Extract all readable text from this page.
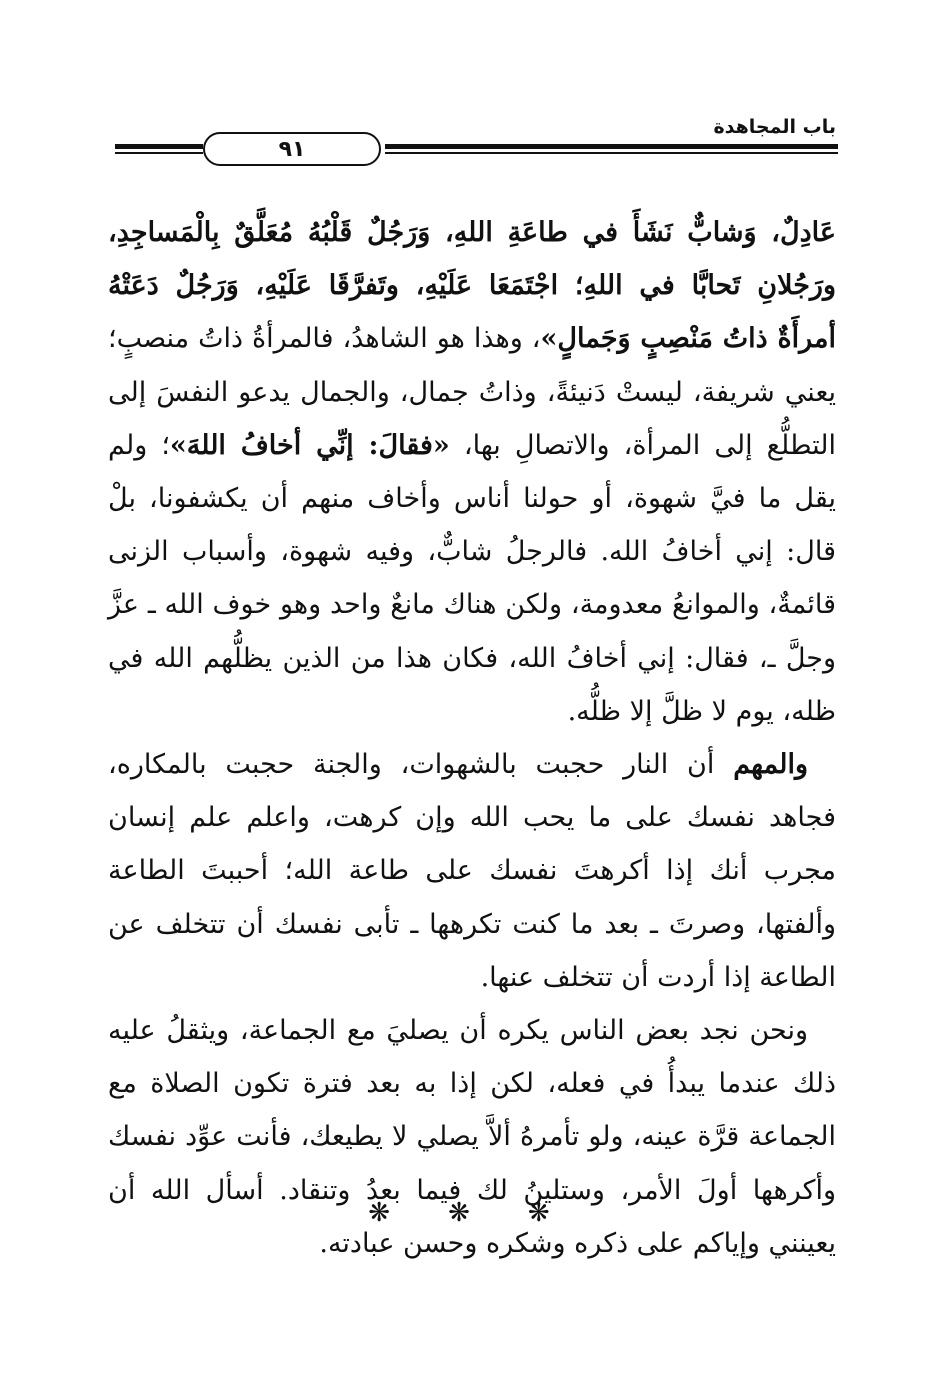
باب المجاهدة
٩١

عَادِلٌ، وَشابٌّ نَشَأَ في طاعَةِ اللهِ، وَرَجُلٌ قَلْبُهُ مُعَلَّقٌ بِالْمَساجِدِ، ورَجُلانِ تَحابَّا في اللهِ؛ اجْتَمَعَا عَلَيْهِ، وتَفرَّقَا عَلَيْهِ، وَرَجُلٌ دَعَتْهُ أمرأَةٌ ذاتُ مَنْصِبٍ وَجَمالٍ»، وهذا هو الشاهدُ، فالمرأةُ ذاتُ منصبٍ؛ يعني شريفة، ليستْ دَنيئةً، وذاتُ جمال، والجمال يدعو النفسَ إلى التطلُّع إلى المرأة، والاتصالِ بها، «فقالَ: إنِّي أخافُ اللهَ»؛ ولم يقل ما فيَّ شهوة، أو حولنا أناس وأخاف منهم أن يكشفونا، بلْ قال: إني أخافُ الله. فالرجلُ شابٌّ، وفيه شهوة، وأسباب الزنى قائمةٌ، والموانعُ معدومة، ولكن هناك مانعٌ واحد وهو خوف الله ـ عزَّ وجلَّ ـ، فقال: إني أخافُ الله، فكان هذا من الذين يظلُّهم الله في ظله، يوم لا ظلَّ إلا ظلُّه.

والمهم أن النار حجبت بالشهوات، والجنة حجبت بالمكاره، فجاهد نفسك على ما يحب الله وإن كرهت، واعلم علم إنسان مجرب أنك إذا أكرهتَ نفسك على طاعة الله؛ أحببتَ الطاعة وألفتها، وصرتَ ـ بعد ما كنت تكرهها ـ تأبى نفسك أن تتخلف عن الطاعة إذا أردت أن تتخلف عنها.

ونحن نجد بعض الناس يكره أن يصليَ مع الجماعة، ويثقلُ عليه ذلك عندما يبدأُ في فعله، لكن إذا به بعد فترة تكون الصلاة مع الجماعة قرَّة عينه، ولو تأمرهُ ألاَّ يصلي لا يطيعك، فأنت عوِّد نفسك وأكرهها أولَ الأمر، وستلينُ لك فيما بعدُ وتنقاد. أسأل الله أن يعينني وإياكم على ذكره وشكره وحسن عبادته.

❋ ❋ ❋
